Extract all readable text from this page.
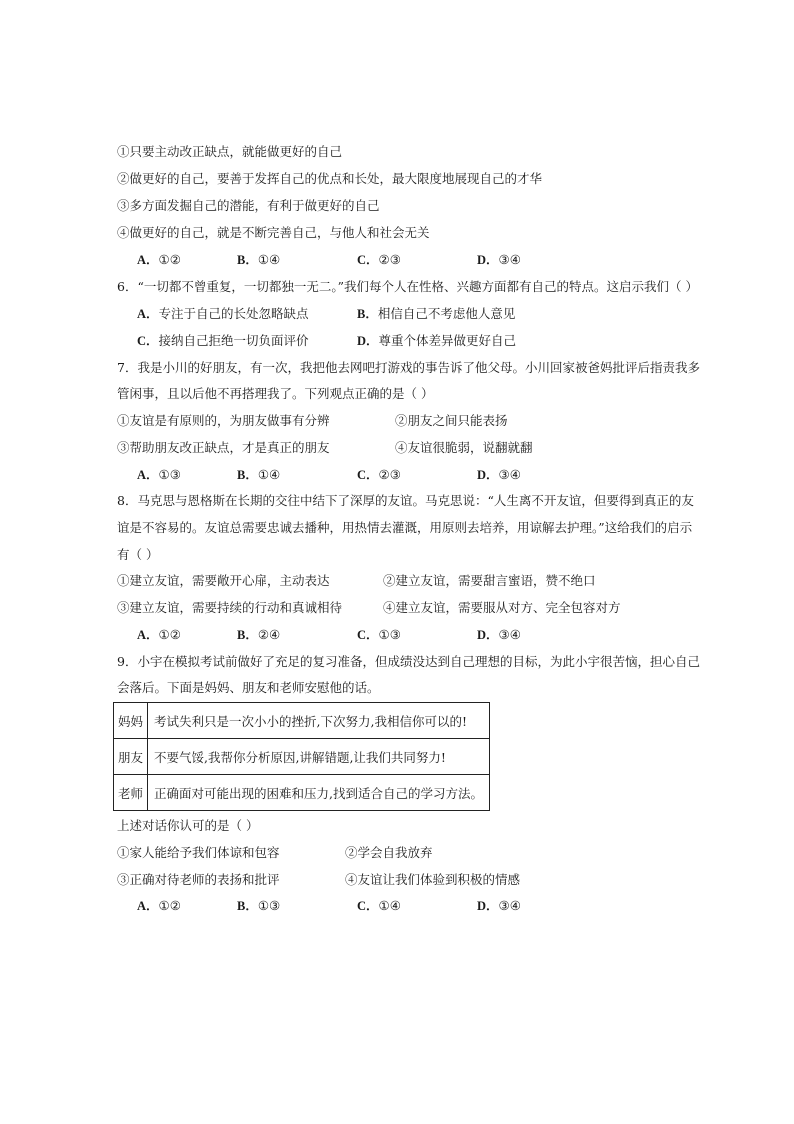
①只要主动改正缺点，就能做更好的自己
②做更好的自己，要善于发挥自己的优点和长处，最大限度地展现自己的才华
③多方面发掘自己的潜能，有利于做更好的自己
④做更好的自己，就是不断完善自己，与他人和社会无关
A．①②	B．①④	C．②③	D．③④
6．“一切都不曾重复，一切都独一无二。”我们每个人在性格、兴趣方面都有自己的特点。这启示我们（ ）
A．专注于自己的长处忽略缺点	B．相信自己不考虑他人意见
C．接纳自己拒绝一切负面评价	D．尊重个体差异做更好自己
7．我是小川的好朋友，有一次，我把他去网吧打游戏的事告诉了他父母。小川回家被爸妈批评后指责我多
管闲事，且以后他不再搭理我了。下列观点正确的是（ ）
①友谊是有原则的，为朋友做事有分辨	②朋友之间只能表扬
③帮助朋友改正缺点，才是真正的朋友	④友谊很脆弱，说翻就翻
A．①③	B．①④	C．②③	D．③④
8．马克思与恩格斯在长期的交往中结下了深厚的友谊。马克思说：“人生离不开友谊，但要得到真正的友
谊是不容易的。友谊总需要忠诚去播种，用热情去灌溉，用原则去培养，用谅解去护理。”这给我们的启示
有（ ）
①建立友谊，需要敞开心扉，主动表达	②建立友谊，需要甜言蜜语，赞不绝口
③建立友谊，需要持续的行动和真诚相待	④建立友谊，需要服从对方、完全包容对方
A．①②	B．②④	C．①③	D．③④
9．小宇在模拟考试前做好了充足的复习准备，但成绩没达到自己理想的目标，为此小宇很苦恼，担心自己
会落后。下面是妈妈、朋友和老师安慰他的话。
妈妈	考试失利只是一次小小的挫折,下次努力,我相信你可以的!
朋友	不要气馁,我帮你分析原因,讲解错题,让我们共同努力!
老师	正确面对可能出现的困难和压力,找到适合自己的学习方法。
上述对话你认可的是（ ）
①家人能给予我们体谅和包容	②学会自我放弃
③正确对待老师的表扬和批评	④友谊让我们体验到积极的情感
A．①②	B．①③	C．①④	D．③④
